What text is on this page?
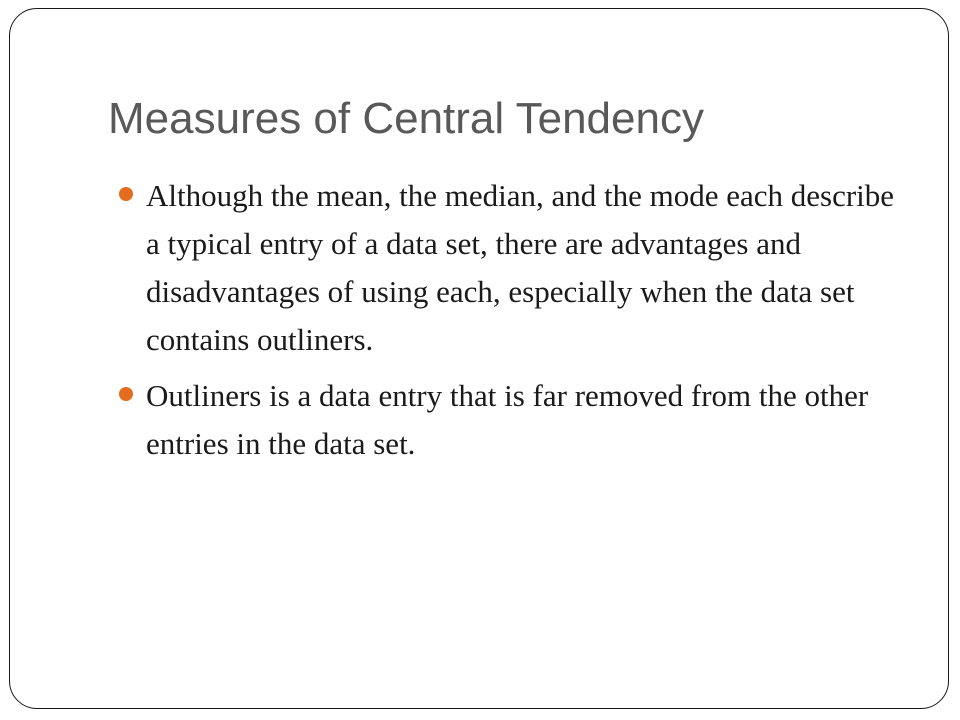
Measures of Central Tendency
Although the mean, the median, and the mode each describe a typical entry of a data set, there are advantages and disadvantages of using each, especially when the data set contains outliners.
Outliners is a data entry that is far removed from the other entries in the data set.
